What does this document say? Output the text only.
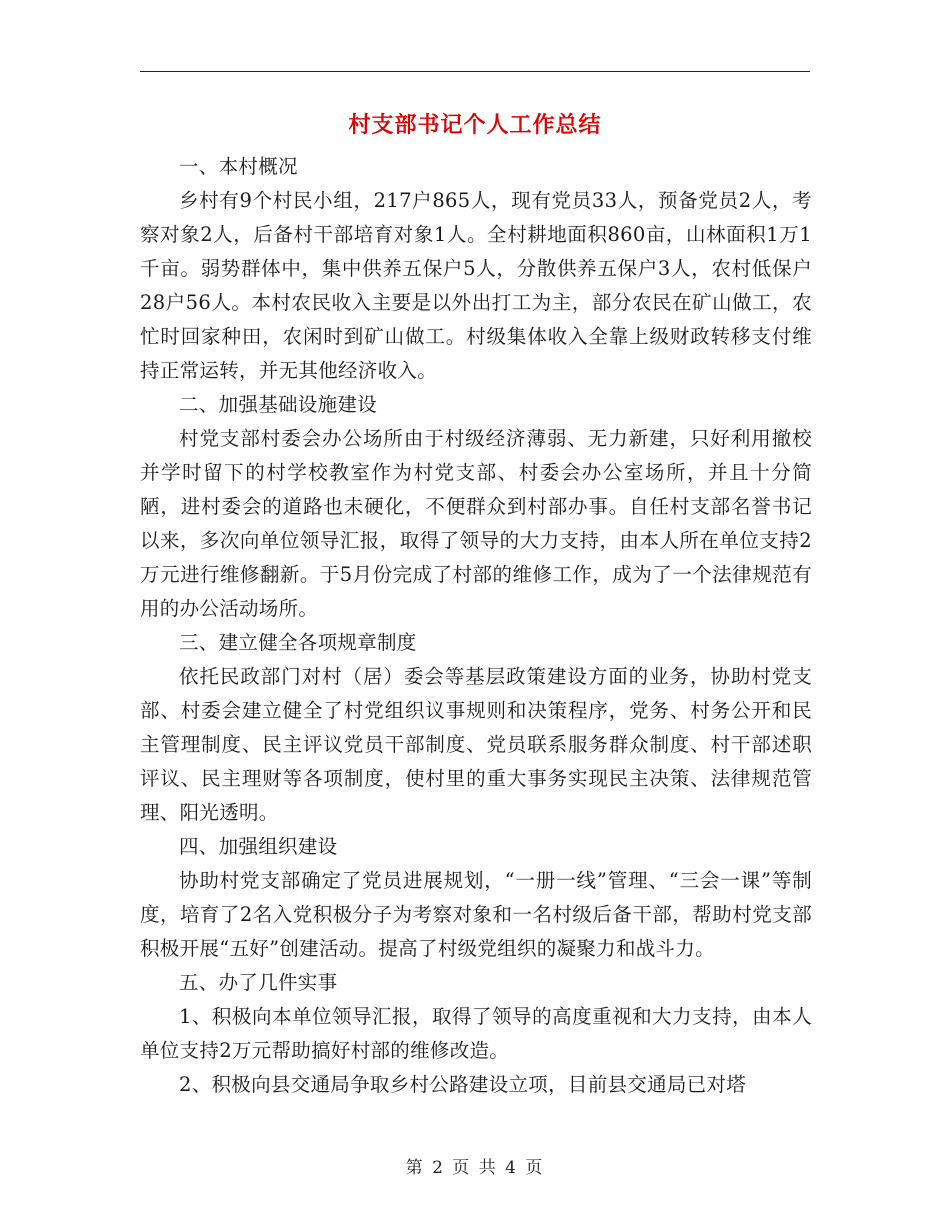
村支部书记个人工作总结
一、本村概况

乡村有9个村民小组，217户865人，现有党员33人，预备党员2人，考察对象2人，后备村干部培育对象1人。全村耕地面积860亩，山林面积1万1千亩。弱势群体中，集中供养五保户5人，分散供养五保户3人，农村低保户28户56人。本村农民收入主要是以外出打工为主，部分农民在矿山做工，农忙时回家种田，农闲时到矿山做工。村级集体收入全靠上级财政转移支付维持正常运转，并无其他经济收入。

二、加强基础设施建设

村党支部村委会办公场所由于村级经济薄弱、无力新建，只好利用撤校并学时留下的村学校教室作为村党支部、村委会办公室场所，并且十分简陋，进村委会的道路也未硬化，不便群众到村部办事。自任村支部名誉书记以来，多次向单位领导汇报，取得了领导的大力支持，由本人所在单位支持2万元进行维修翻新。于5月份完成了村部的维修工作，成为了一个法律规范有用的办公活动场所。

三、建立健全各项规章制度

依托民政部门对村（居）委会等基层政策建设方面的业务，协助村党支部、村委会建立健全了村党组织议事规则和决策程序，党务、村务公开和民主管理制度、民主评议党员干部制度、党员联系服务群众制度、村干部述职评议、民主理财等各项制度，使村里的重大事务实现民主决策、法律规范管理、阳光透明。

四、加强组织建设

协助村党支部确定了党员进展规划，“一册一线”管理、“三会一课”等制度，培育了2名入党积极分子为考察对象和一名村级后备干部，帮助村党支部积极开展“五好”创建活动。提高了村级党组织的凝聚力和战斗力。

五、办了几件实事

1、积极向本单位领导汇报，取得了领导的高度重视和大力支持，由本人单位支持2万元帮助搞好村部的维修改造。

2、积极向县交通局争取乡村公路建设立项，目前县交通局已对塔

第 2 页 共 4 页
